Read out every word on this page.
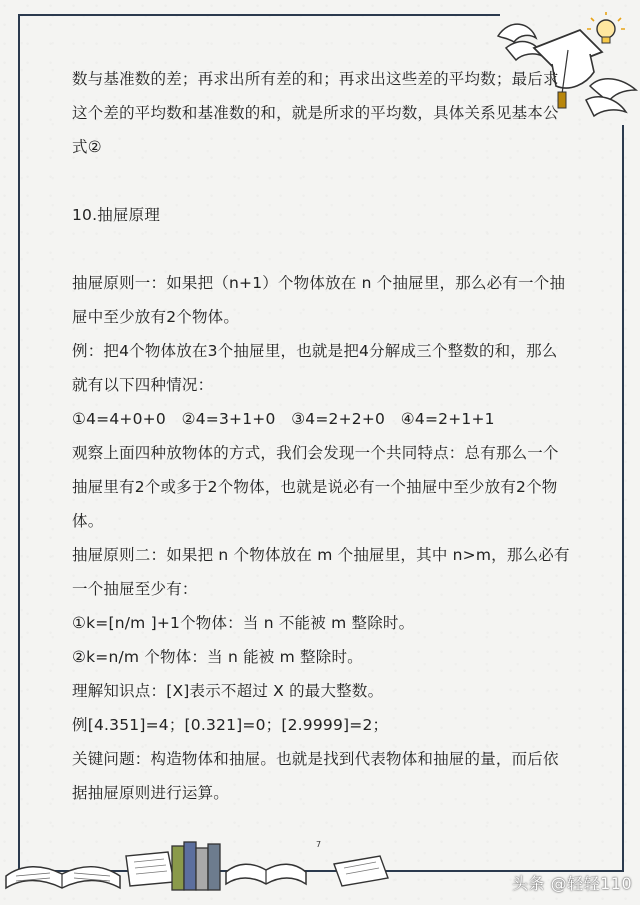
数与基准数的差；再求出所有差的和；再求出这些差的平均数；最后求
这个差的平均数和基准数的和，就是所求的平均数，具体关系见基本公
式②
10.抽屉原理
抽屉原则一：如果把（n+1）个物体放在 n 个抽屉里，那么必有一个抽
屉中至少放有2个物体。
例：把4个物体放在3个抽屉里，也就是把4分解成三个整数的和，那么
就有以下四种情况：
①4=4+0+0　②4=3+1+0　③4=2+2+0　④4=2+1+1
观察上面四种放物体的方式，我们会发现一个共同特点：总有那么一个
抽屉里有2个或多于2个物体，也就是说必有一个抽屉中至少放有2个物
体。
抽屉原则二：如果把 n 个物体放在 m 个抽屉里，其中 n>m，那么必有
一个抽屉至少有：
①k=[n/m ]+1个物体：当 n 不能被 m 整除时。
②k=n/m 个物体：当 n 能被 m 整除时。
理解知识点：[X]表示不超过 X 的最大整数。
例[4.351]=4；[0.321]=0；[2.9999]=2；
关键问题：构造物体和抽屉。也就是找到代表物体和抽屉的量，而后依
据抽屉原则进行运算。
7
头条 @轻轻110
